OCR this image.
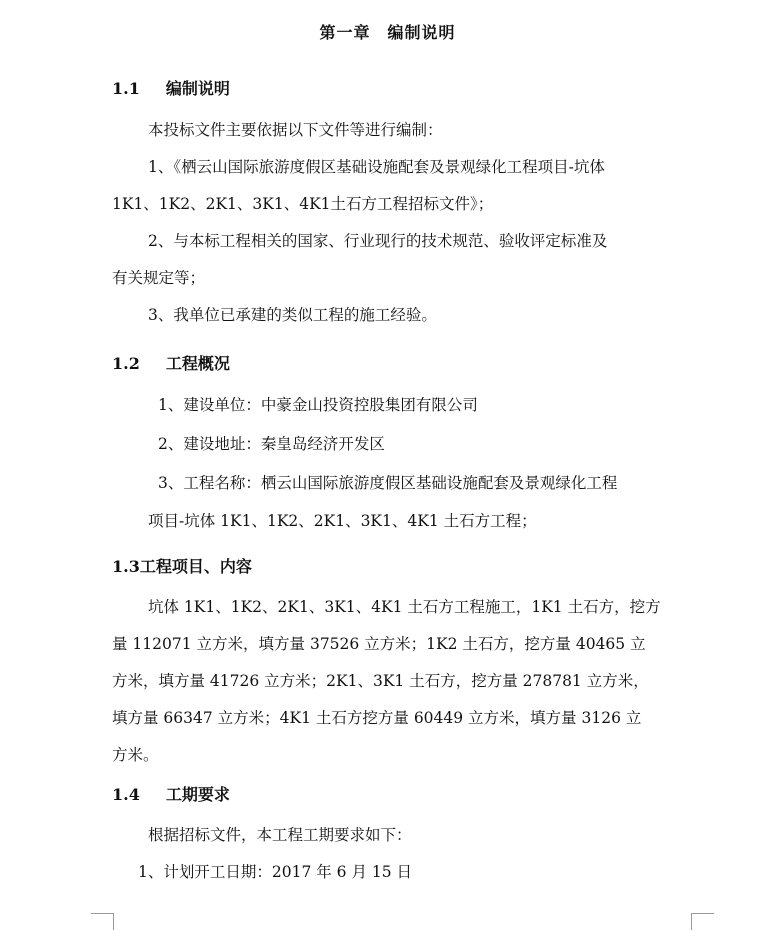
第一章　编制说明
1.1 编制说明

本投标文件主要依据以下文件等进行编制：

1、《栖云山国际旅游度假区基础设施配套及景观绿化工程项目-坑体

1K1、1K2、2K1、3K1、4K1土石方工程招标文件》；

2、与本标工程相关的国家、行业现行的技术规范、验收评定标准及

有关规定等；

3、我单位已承建的类似工程的施工经验。

1.2 工程概况

1、建设单位：中豪金山投资控股集团有限公司

2、建设地址：秦皇岛经济开发区

3、工程名称：栖云山国际旅游度假区基础设施配套及景观绿化工程

项目-坑体 1K1、1K2、2K1、3K1、4K1 土石方工程；

1.3工程项目、内容

坑体 1K1、1K2、2K1、3K1、4K1 土石方工程施工，1K1 土石方，挖方

量 112071 立方米，填方量 37526 立方米；1K2 土石方，挖方量 40465 立

方米，填方量 41726 立方米；2K1、3K1 土石方，挖方量 278781 立方米，

填方量 66347 立方米；4K1 土石方挖方量 60449 立方米，填方量 3126 立

方米。

1.4 工期要求

根据招标文件，本工程工期要求如下：

1、计划开工日期：2017 年 6 月 15 日
